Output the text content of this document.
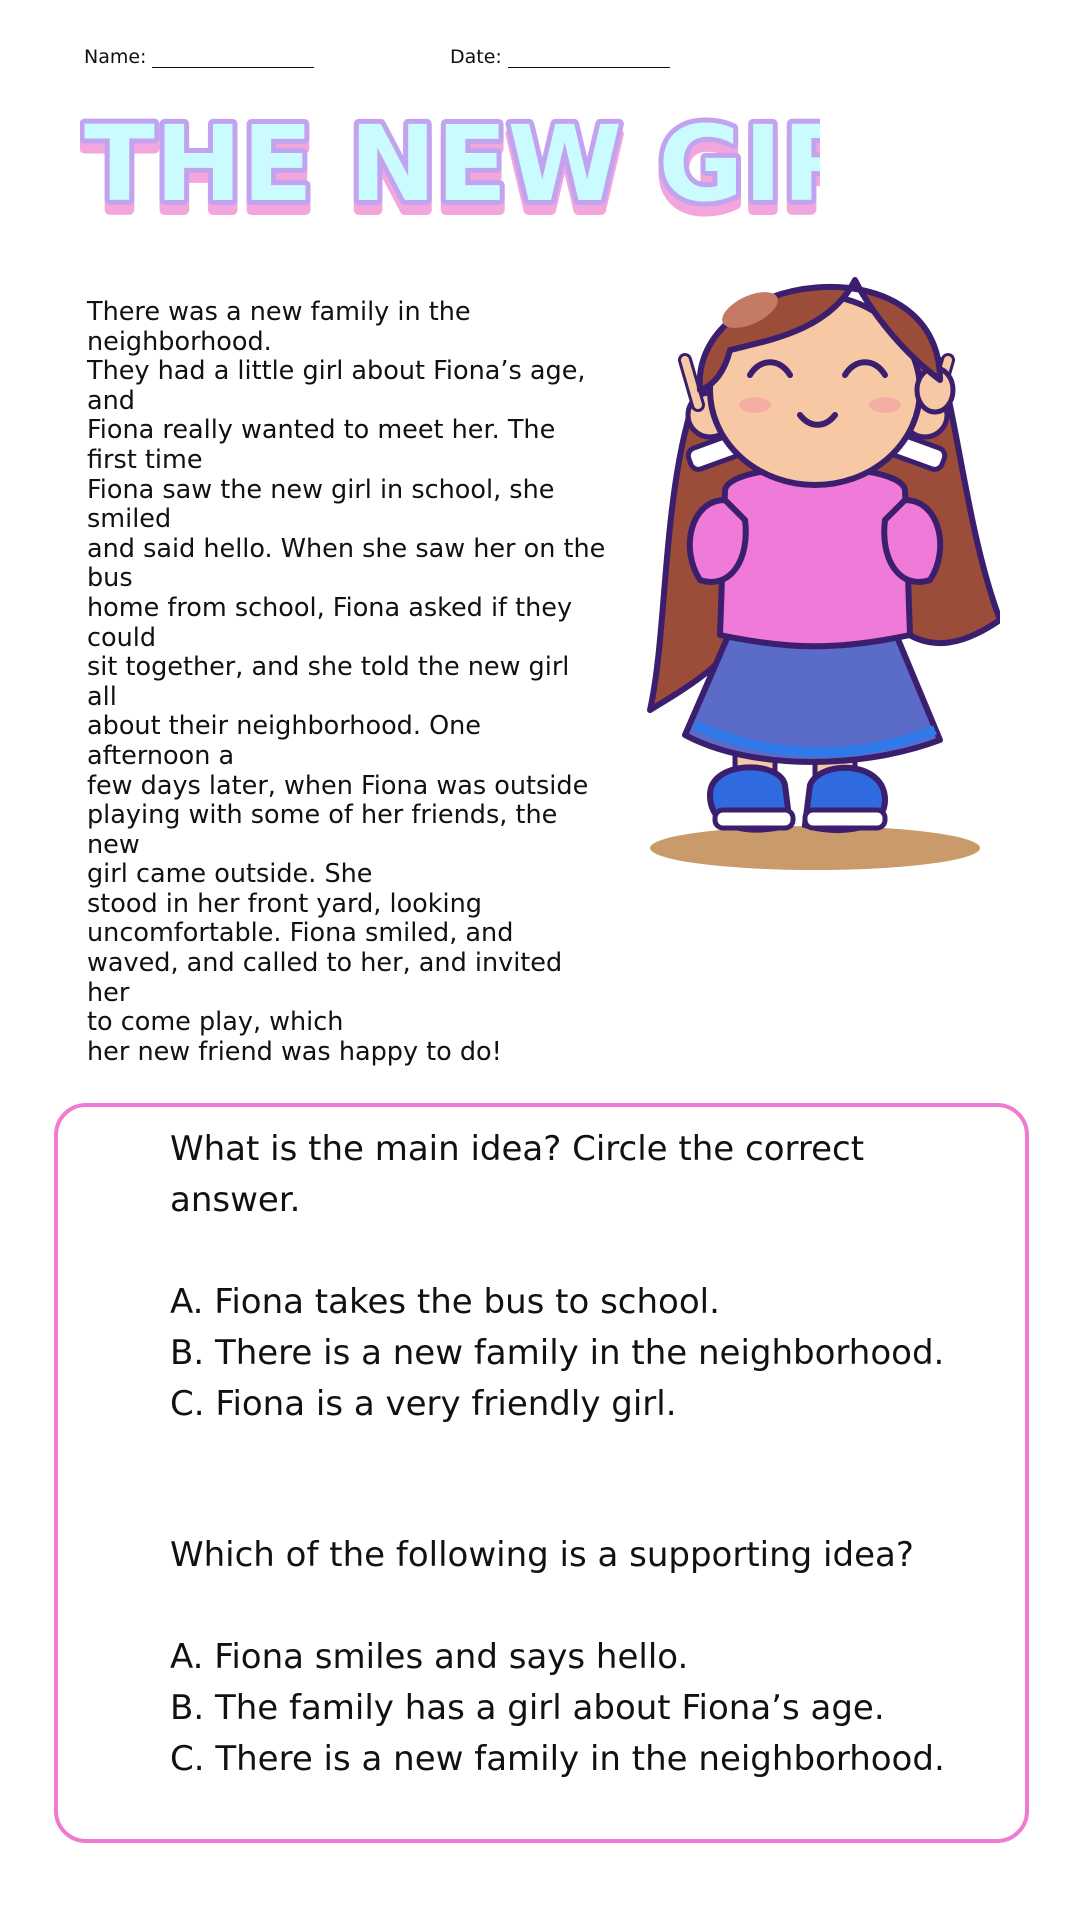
Name:	Date:
THE NEW GI
THE NEW GI
THE NEW GI

There was a new family in the neighborhood.

They had a little girl about Fiona’s age, and

Fiona really wanted to meet her. The first time

Fiona saw the new girl in school, she smiled

and said hello. When she saw her on the bus

home from school, Fiona asked if they could

sit together, and she told the new girl all

about their neighborhood. One afternoon a

few days later, when Fiona was outside

playing with some of her friends, the new

girl came outside. She

stood in her front yard, looking

uncomfortable. Fiona smiled, and

waved, and called to her, and invited her

to come play, which

her new friend was happy to do!

What is the main idea? Circle the correct answer.
A. Fiona takes the bus to school.
B. There is a new family in the neighborhood.
C. Fiona is a very friendly girl.
Which of the following is a supporting idea?
A. Fiona smiles and says hello.
B. The family has a girl about Fiona’s age.
C. There is a new family in the neighborhood.
